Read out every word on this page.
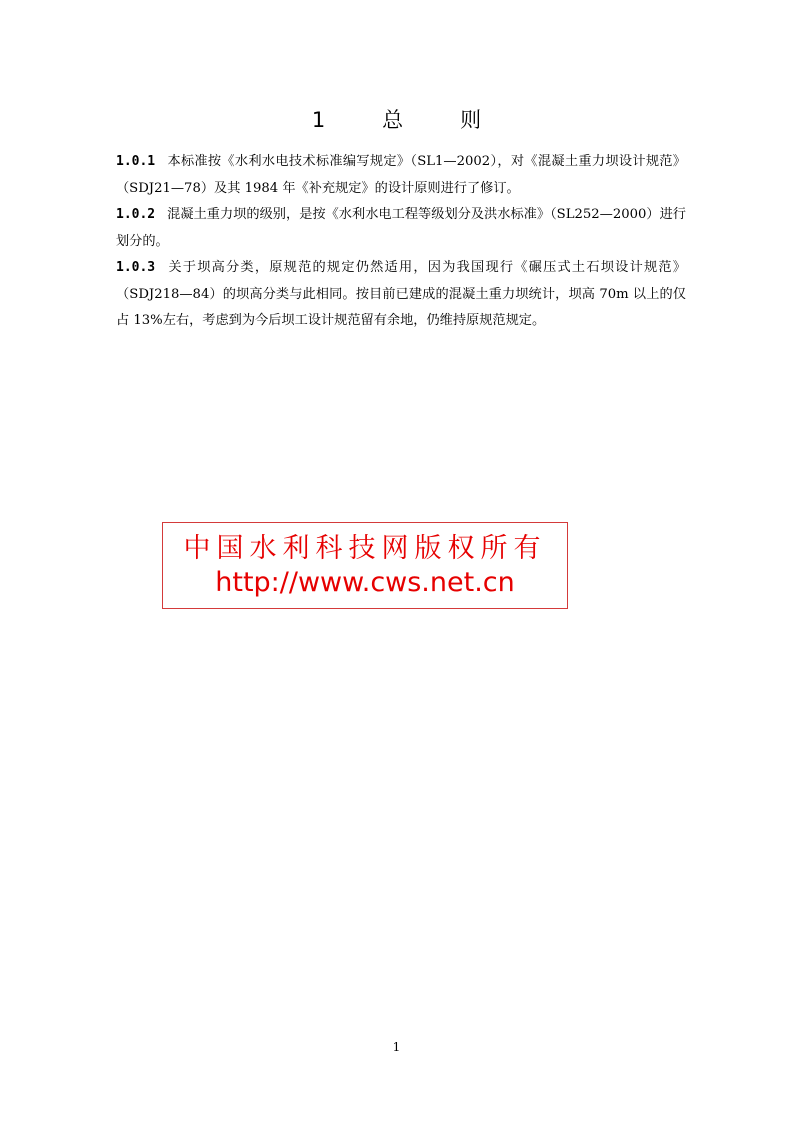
1　总　则

1.0.1 本标准按《水利水电技术标准编写规定》（SL1—2002），对《混凝土重力坝设计规范》（SDJ21—78）及其 1984 年《补充规定》的设计原则进行了修订。

1.0.2 混凝土重力坝的级别，是按《水利水电工程等级划分及洪水标准》（SL252—2000）进行划分的。

1.0.3 关于坝高分类，原规范的规定仍然适用，因为我国现行《碾压式土石坝设计规范》（SDJ218—84）的坝高分类与此相同。按目前已建成的混凝土重力坝统计，坝高 70m 以上的仅占 13%左右，考虑到为今后坝工设计规范留有余地，仍维持原规范规定。

中国水利科技网版权所有
http://www.cws.net.cn
1
